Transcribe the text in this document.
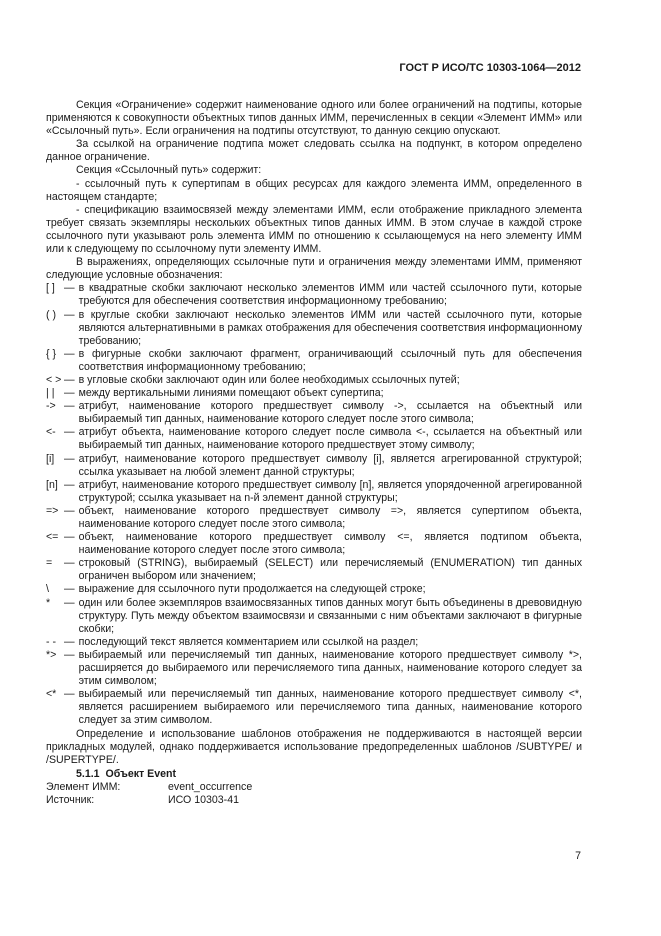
ГОСТ Р ИСО/ТС 10303-1064—2012

Секция «Ограничение» содержит наименование одного или более ограничений на подтипы, которые применяются к совокупности объектных типов данных ИММ, перечисленных в секции «Элемент ИММ» или «Ссылочный путь». Если ограничения на подтипы отсутствуют, то данную секцию опускают.

За ссылкой на ограничение подтипа может следовать ссылка на подпункт, в котором определено данное ограничение.

Секция «Ссылочный путь» содержит:

- ссылочный путь к супертипам в общих ресурсах для каждого элемента ИММ, определенного в настоящем стандарте;

- спецификацию взаимосвязей между элементами ИММ, если отображение прикладного элемента требует связать экземпляры нескольких объектных типов данных ИММ. В этом случае в каждой строке ссылочного пути указывают роль элемента ИММ по отношению к ссылающемуся на него элементу ИММ или к следующему по ссылочному пути элементу ИММ.

В выражениях, определяющих ссылочные пути и ограничения между элементами ИММ, применяют следующие условные обозначения:

[ ] — в квадратные скобки заключают несколько элементов ИММ или частей ссылочного пути, которые требуются для обеспечения соответствия информационному требованию;
( ) — в круглые скобки заключают несколько элементов ИММ или частей ссылочного пути, которые являются альтернативными в рамках отображения для обеспечения соответствия информационному требованию;
{ } — в фигурные скобки заключают фрагмент, ограничивающий ссылочный путь для обеспечения соответствия информационному требованию;
< > — в угловые скобки заключают один или более необходимых ссылочных путей;
| | — между вертикальными линиями помещают объект супертипа;
-> — атрибут, наименование которого предшествует символу ->, ссылается на объектный или выбираемый тип данных, наименование которого следует после этого символа;
<- — атрибут объекта, наименование которого следует после символа <-, ссылается на объектный или выбираемый тип данных, наименование которого предшествует этому символу;
[i] — атрибут, наименование которого предшествует символу [i], является агрегированной структурой; ссылка указывает на любой элемент данной структуры;
[n] — атрибут, наименование которого предшествует символу [n], является упорядоченной агрегированной структурой; ссылка указывает на n-й элемент данной структуры;
=> — объект, наименование которого предшествует символу =>, является супертипом объекта, наименование которого следует после этого символа;
<= — объект, наименование которого предшествует символу <=, является подтипом объекта, наименование которого следует после этого символа;
=	— строковый (STRING), выбираемый (SELECT) или перечисляемый (ENUMERATION) тип данных ограничен выбором или значением;
\	— выражение для ссылочного пути продолжается на следующей строке;
*	— один или более экземпляров взаимосвязанных типов данных могут быть объединены в древовидную структуру. Путь между объектом взаимосвязи и связанными с ним объектами заключают в фигурные скобки;
- - — последующий текст является комментарием или ссылкой на раздел;
*> — выбираемый или перечисляемый тип данных, наименование которого предшествует символу *>, расширяется до выбираемого или перечисляемого типа данных, наименование которого следует за этим символом;
<* — выбираемый или перечисляемый тип данных, наименование которого предшествует символу <*, является расширением выбираемого или перечисляемого типа данных, наименование которого следует за этим символом.

Определение и использование шаблонов отображения не поддерживаются в настоящей версии прикладных модулей, однако поддерживается использование предопределенных шаблонов /SUBTYPE/ и /SUPERTYPE/.

5.1.1 Объект Event

Элемент ИММ:	event_occurrence
Источник:	ИСО 10303-41
7
